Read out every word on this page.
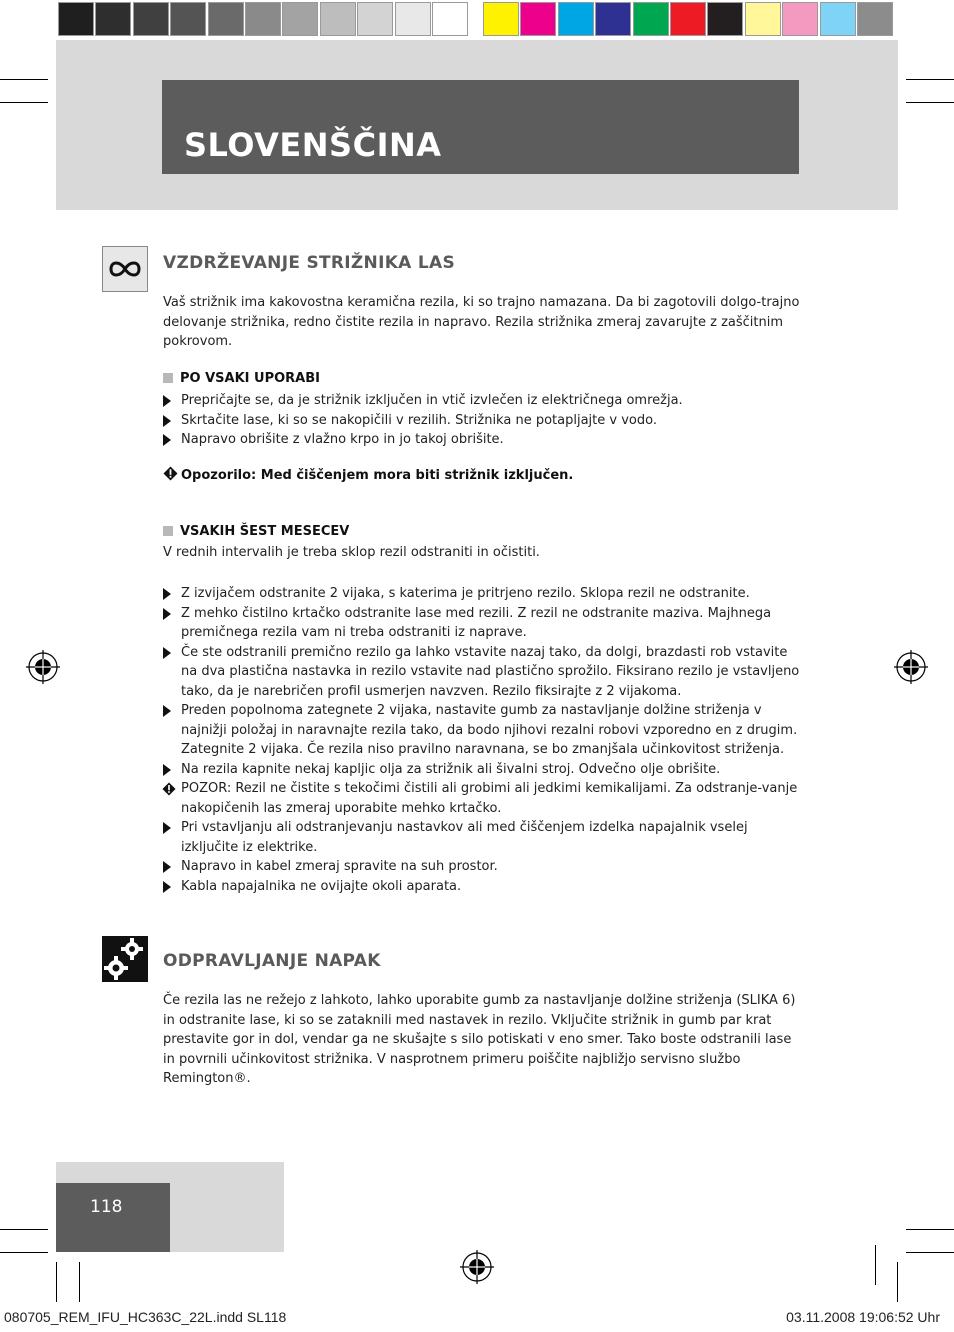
SLOVENŠČINA
VZDRŽEVANJE STRIŽNIKA LAS
Vaš strižnik ima kakovostna keramična rezila, ki so trajno namazana. Da bi zagotovili dolgo-trajno delovanje strižnika, redno čistite rezila in napravo. Rezila strižnika zmeraj zavarujte z zaščitnim pokrovom.
PO VSAKI UPORABI
Prepričajte se, da je strižnik izključen in vtič izvlečen iz električnega omrežja.
Skrtačite lase, ki so se nakopičili v rezilih. Strižnika ne potapljajte v vodo.
Napravo obrišite z vlažno krpo in jo takoj obrišite.
Opozorilo: Med čiščenjem mora biti strižnik izključen.
VSAKIH ŠEST MESECEV
V rednih intervalih je treba sklop rezil odstraniti in očistiti.
Z izvijačem odstranite 2 vijaka, s katerima je pritrjeno rezilo. Sklopa rezil ne odstranite.
Z mehko čistilno krtačko odstranite lase med rezili. Z rezil ne odstranite maziva. Majhnega premičnega rezila vam ni treba odstraniti iz naprave.
Če ste odstranili premično rezilo ga lahko vstavite nazaj tako, da dolgi, brazdasti rob vstavite na dva plastična nastavka in rezilo vstavite nad plastično sprožilo. Fiksirano rezilo je vstavljeno tako, da je narebričen profil usmerjen navzven. Rezilo fiksirajte z 2 vijakoma.
Preden popolnoma zategnete 2 vijaka, nastavite gumb za nastavljanje dolžine striženja v najnižji položaj in naravnajte rezila tako, da bodo njihovi rezalni robovi vzporedno en z drugim. Zategnite 2 vijaka. Če rezila niso pravilno naravnana, se bo zmanjšala učinkovitost striženja.
Na rezila kapnite nekaj kapljic olja za strižnik ali šivalni stroj. Odvečno olje obrišite.
POZOR: Rezil ne čistite s tekočimi čistili ali grobimi ali jedkimi kemikalijami. Za odstranje-vanje nakopičenih las zmeraj uporabite mehko krtačko.
Pri vstavljanju ali odstranjevanju nastavkov ali med čiščenjem izdelka napajalnik vselej izključite iz elektrike.
Napravo in kabel zmeraj spravite na suh prostor.
Kabla napajalnika ne ovijajte okoli aparata.
ODPRAVLJANJE NAPAK
Če rezila las ne režejo z lahkoto, lahko uporabite gumb za nastavljanje dolžine striženja (SLIKA 6) in odstranite lase, ki so se zataknili med nastavek in rezilo. Vključite strižnik in gumb par krat prestavite gor in dol, vendar ga ne skušajte s silo potiskati v eno smer. Tako boste odstranili lase in povrnili učinkovitost strižnika. V nasprotnem primeru poiščite najbližjo servisno službo Remington®.
118
080705_REM_IFU_HC363C_22L.indd SL118	03.11.2008 19:06:52 Uhr
